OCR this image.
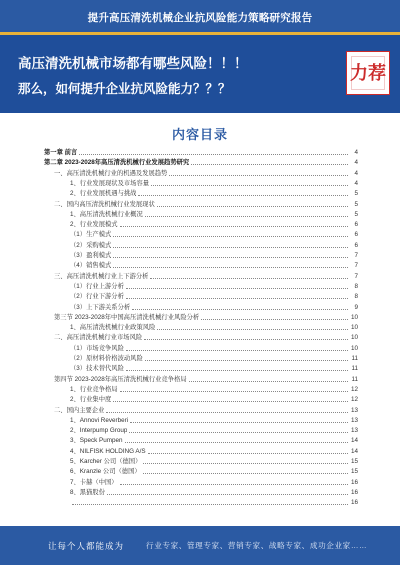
提升高压清洗机械企业抗风险能力策略研究报告
高压清洗机械市场都有哪些风险！！！
那么，如何提升企业抗风险能力？？？
力荐
内容目录
第一章 前言	4
第二章 2023-2028年高压清洗机械行业发展趋势研究	4
一、高压清洗机械行业的机遇及发展趋势	4
1、行业发展现状及市场容量	4
2、行业发展机遇与挑战	5
二、国内高压清洗机械行业发展现状	5
1、高压清洗机械行业概况	5
2、行业发展模式	6
（1）生产模式	6
（2）采购模式	6
（3）盈利模式	7
（4）销售模式	7
三、高压清洗机械行业上下游分析	7
（1）行业上游分析	8
（2）行业下游分析	8
（3）上下游关系分析	9
第三节 2023-2028年中国高压清洗机械行业风险分析	10
1、高压清洗机械行业政策风险	10
二、高压清洗机械行业市场风险	10
（1）市场竞争风险	10
（2）原材料价格波动风险	11
（3）技术替代风险	11
第四节 2023-2028年高压清洗机械行业竞争格局	11
1、行业竞争格局	12
2、行业集中度	12
二、国内主要企业	13
1、Annovi Reverberi	13
2、Interpump Group	13
3、Speck Pumpen	14
4、NILFISK HOLDING A/S	14
5、Karcher 公司（德国）	15
6、Kranzle 公司（德国）	15
7、卡赫（中国）	16
8、黑猫股份	16
16
让每个人都能成为	行业专家、管理专家、营销专家、战略专家、成功企业家……
